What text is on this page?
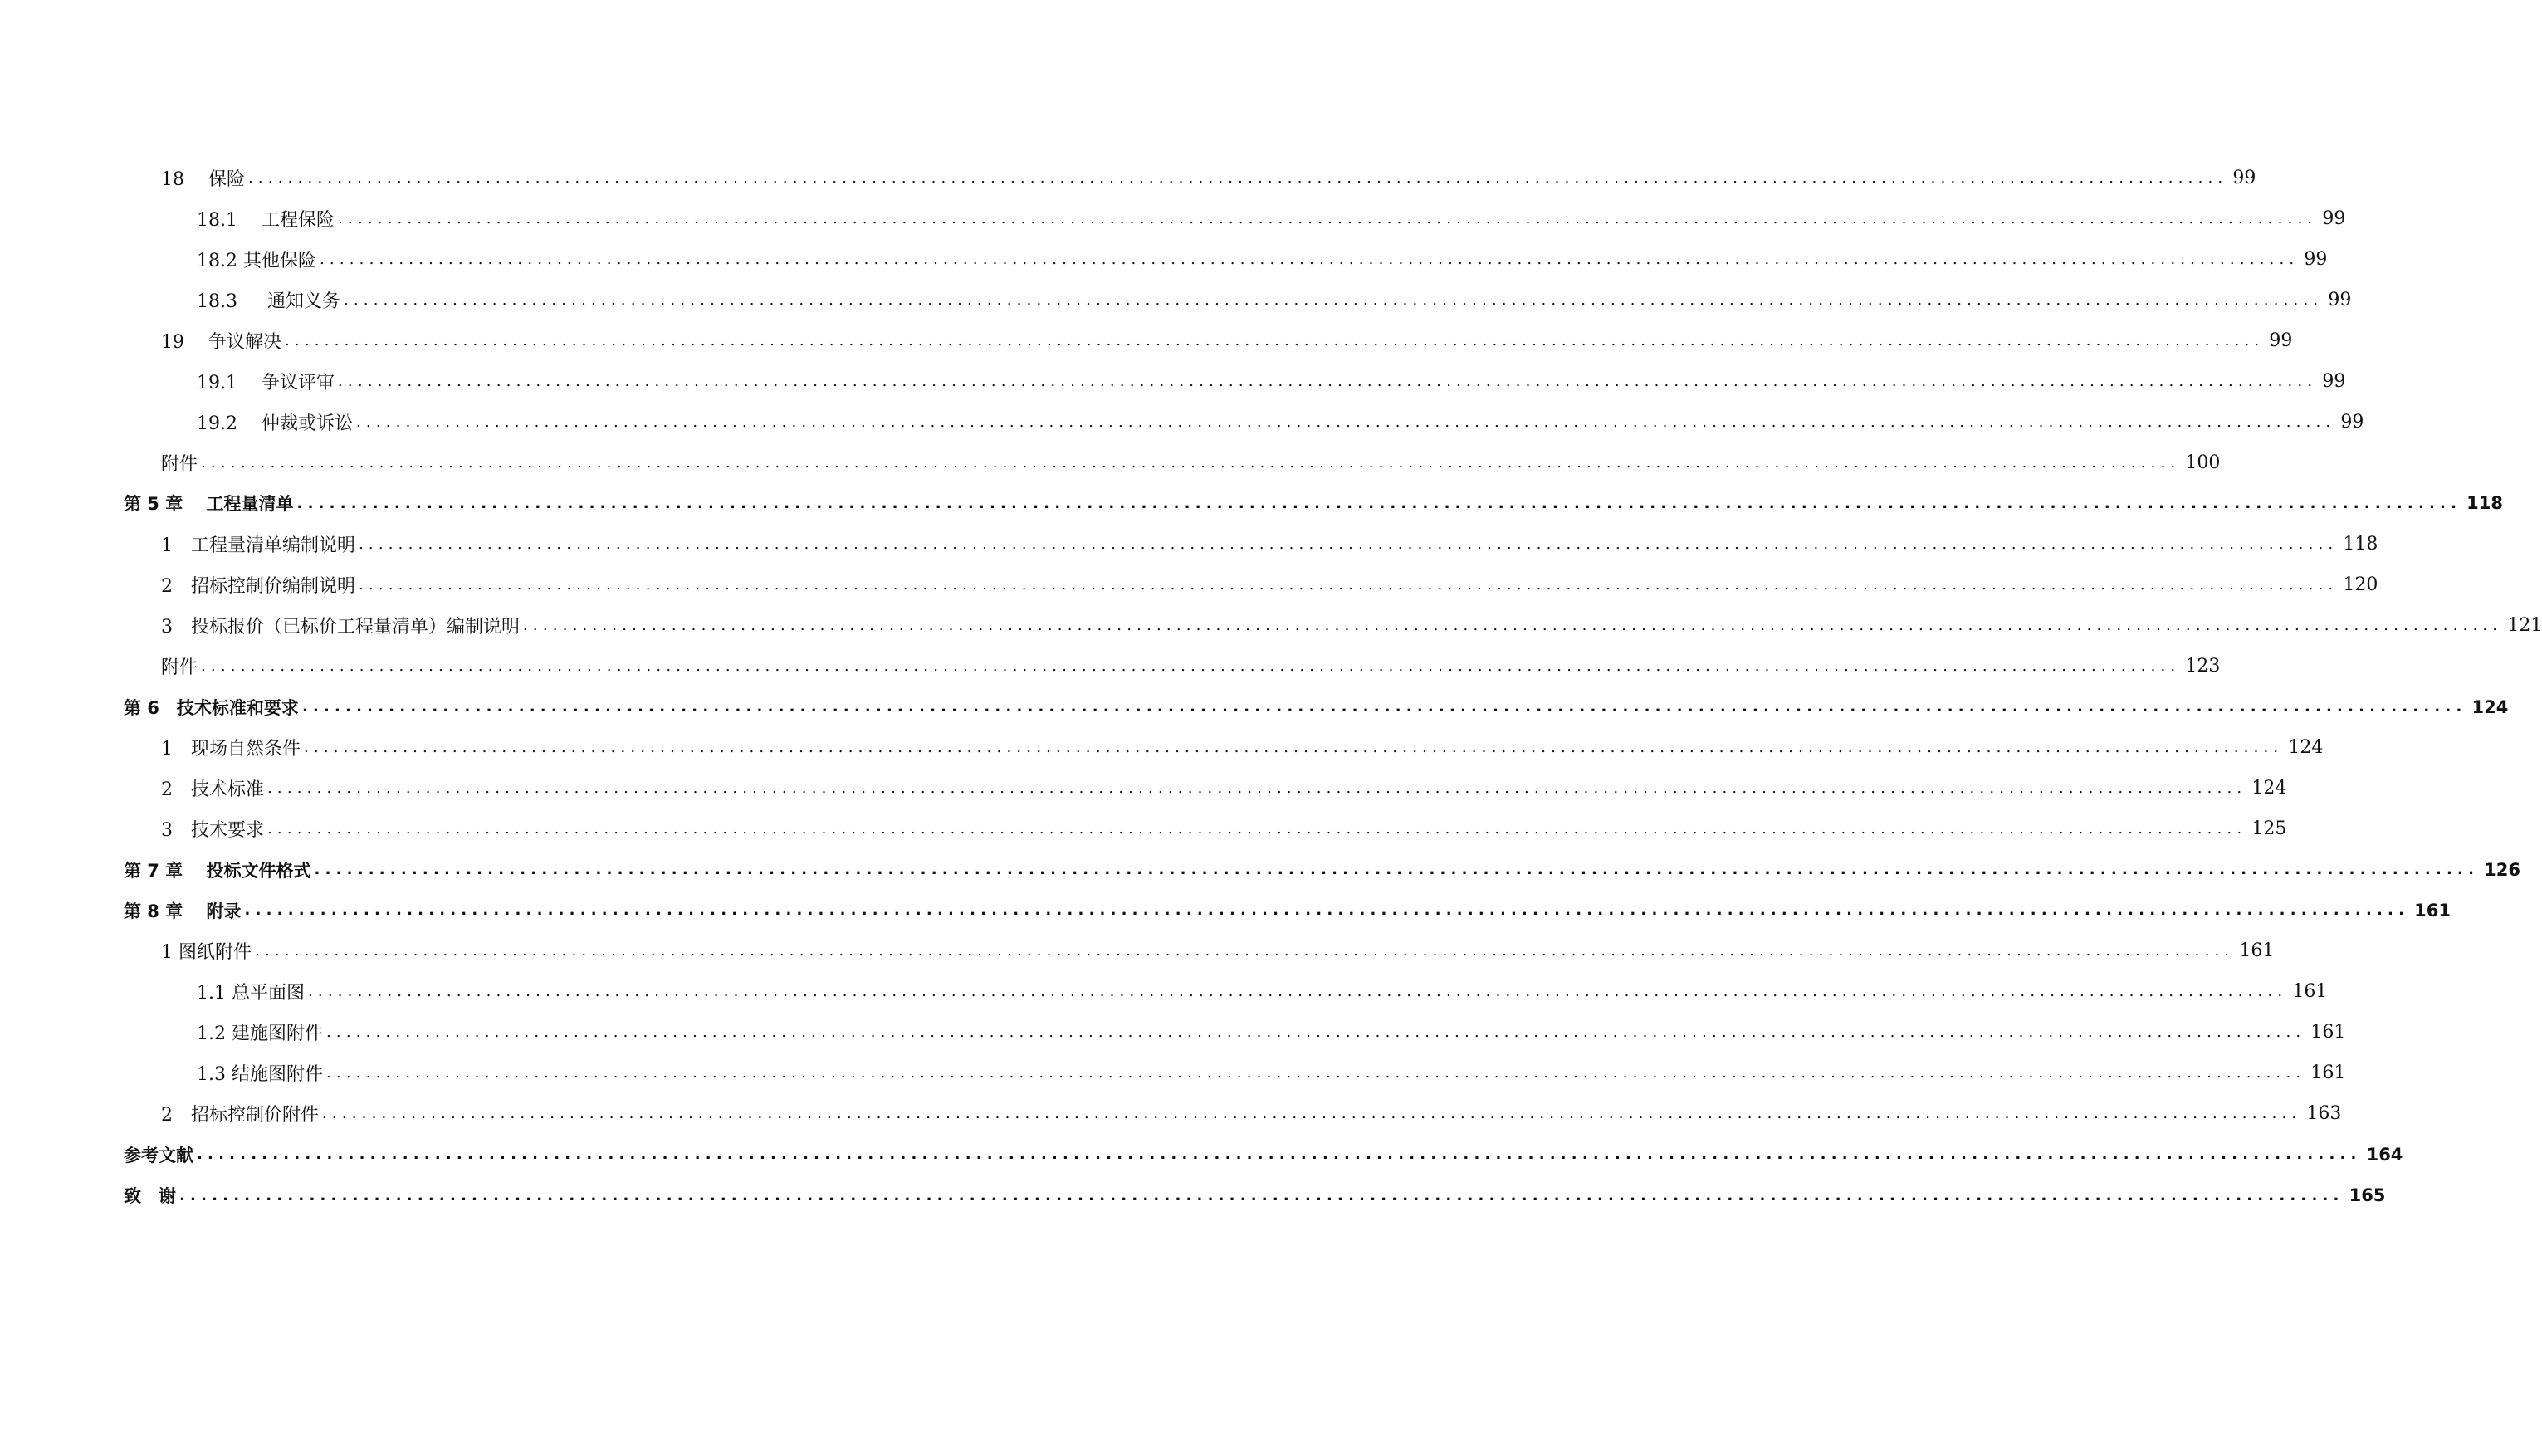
18　 保险 ........................................................................................................................................................................................................ 99
18.1　 工程保险 ........................................................................................................................................................................................................ 99
18.2 其他保险 ........................................................................................................................................................................................................ 99
18.3　  通知义务 ........................................................................................................................................................................................................ 99
19　 争议解决 ........................................................................................................................................................................................................ 99
19.1　 争议评审 ........................................................................................................................................................................................................ 99
19.2　 仲裁或诉讼 ........................................................................................................................................................................................................ 99
附件 ........................................................................................................................................................................................................ 100
第 5 章　 工程量清单 ........................................................................................................................................................................................................ 118
1　工程量清单编制说明 ........................................................................................................................................................................................................ 118
2　招标控制价编制说明 ........................................................................................................................................................................................................ 120
3　投标报价（已标价工程量清单）编制说明 ........................................................................................................................................................................................................ 121
附件 ........................................................................................................................................................................................................ 123
第 6　技术标准和要求 ........................................................................................................................................................................................................ 124
1　现场自然条件 ........................................................................................................................................................................................................ 124
2　技术标准 ........................................................................................................................................................................................................ 124
3　技术要求 ........................................................................................................................................................................................................ 125
第 7 章　 投标文件格式 ........................................................................................................................................................................................................ 126
第 8 章　 附录 ........................................................................................................................................................................................................ 161
1 图纸附件 ........................................................................................................................................................................................................ 161
1.1 总平面图 ........................................................................................................................................................................................................ 161
1.2 建施图附件 ........................................................................................................................................................................................................ 161
1.3 结施图附件 ........................................................................................................................................................................................................ 161
2　招标控制价附件 ........................................................................................................................................................................................................ 163
参考文献 ........................................................................................................................................................................................................ 164
致　谢 ........................................................................................................................................................................................................ 165
